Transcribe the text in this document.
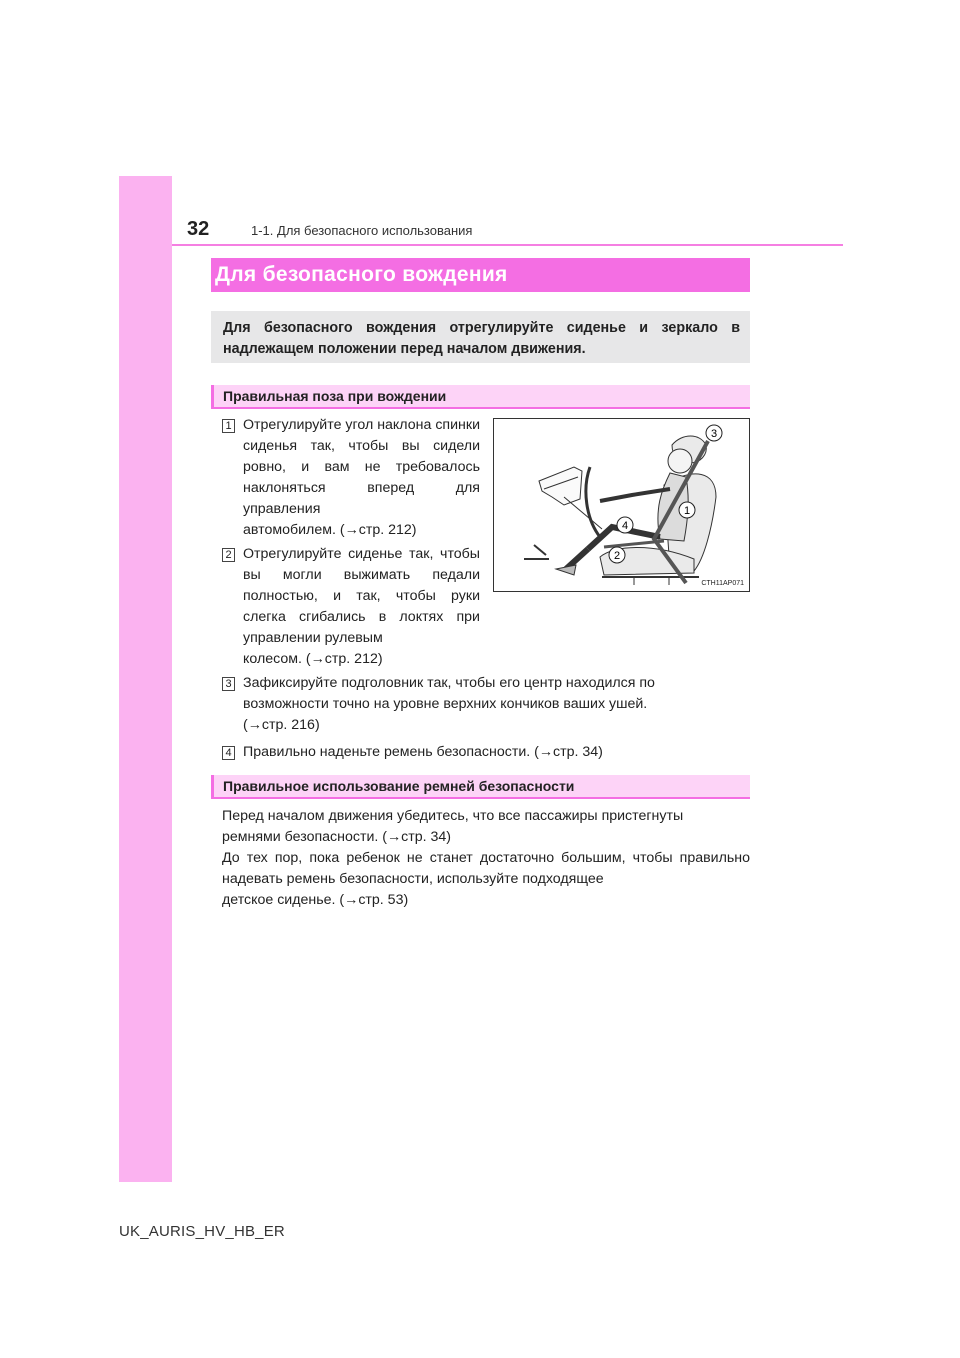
32	1-1. Для безопасного использования
Для безопасного вождения
Для безопасного вождения отрегулируйте сиденье и зеркало в надлежащем положении перед началом движения.
Правильная поза при вождении
1 Отрегулируйте угол наклона спинки сиденья так, чтобы вы сидели ровно, и вам не требовалось наклоняться	вперед для управления
автомобилем. (→стр. 212)
2 Отрегулируйте сиденье так, чтобы вы могли выжимать педали полностью, и так, чтобы руки слегка сгибались в локтях при управлении рулевым
колесом. (→стр. 212)
3 Зафиксируйте подголовник так, чтобы его центр находился по
возможности точно на уровне верхних кончиков ваших ушей.
(→стр. 216)
4 Правильно наденьте ремень безопасности. (→стр. 34)
3
1
4
2
CTH11AP071
Правильное использование ремней безопасности
Перед началом движения убедитесь, что все пассажиры пристегнуты
ремнями безопасности. (→стр. 34)
До тех пор, пока ребенок не станет достаточно большим, чтобы правильно надевать ремень безопасности, используйте подходящее
детское сиденье. (→стр. 53)
UK_AURIS_HV_HB_ER
